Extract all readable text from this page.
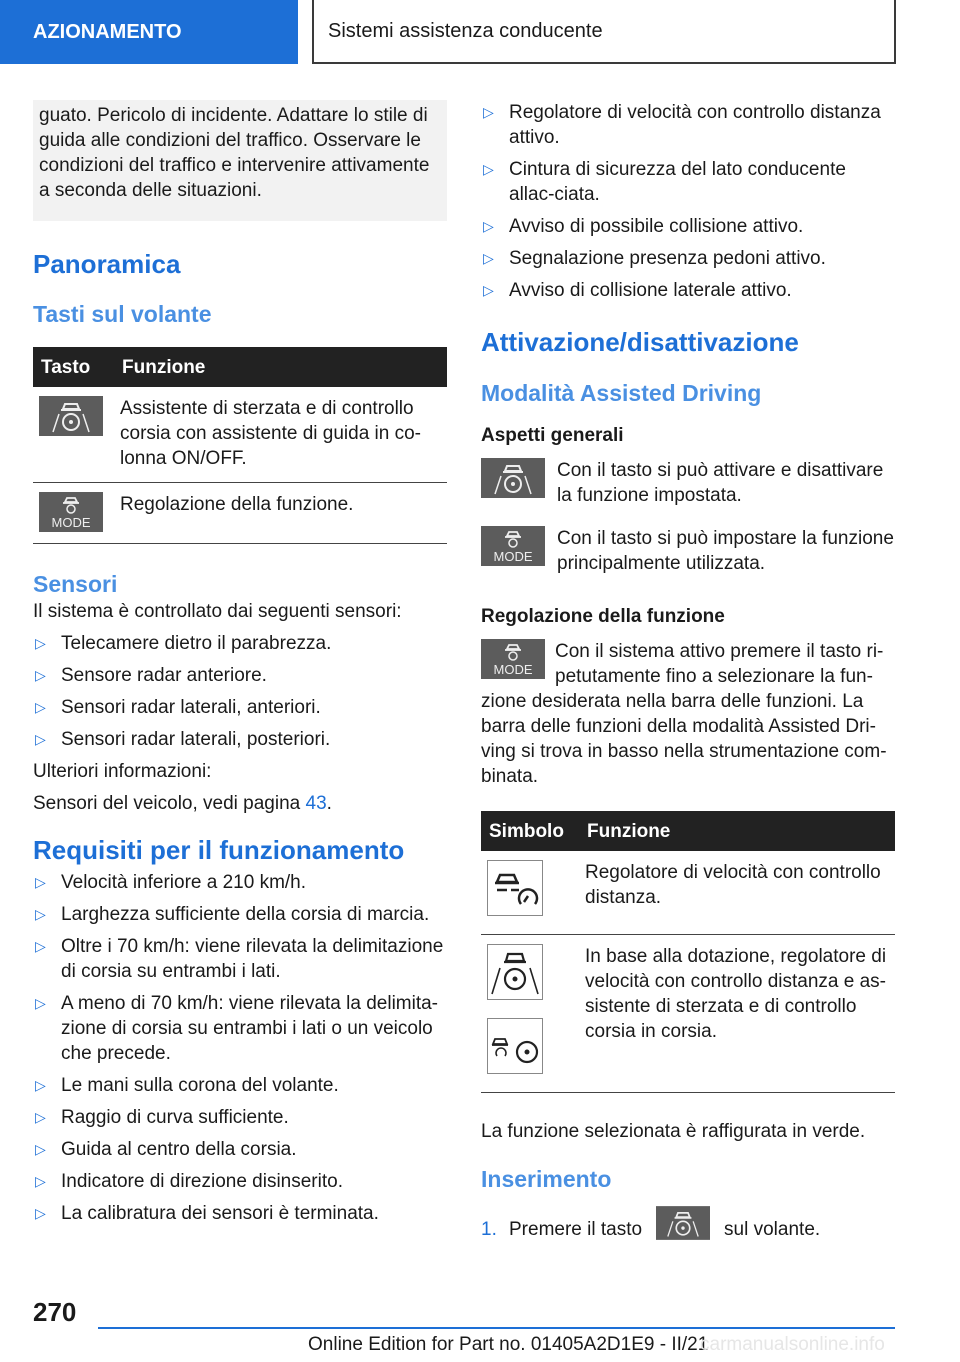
AZIONAMENTO	Sistemi assistenza conducente

guato. Pericolo di incidente. Adattare lo stile di guida alle condizioni del traffico. Osservare le condizioni del traffico e intervenire attivamente a seconda delle situazioni.

Panoramica
Tasti sul volante
Tasto	Funzione

	Assistente di sterzata e di controllo corsia con assistente di guida in co-lonna ON/OFF.

MODE	Regolazione della funzione.
Sensori

Il sistema è controllato dai seguenti sensori:

▷ Telecamere dietro il parabrezza.
▷ Sensore radar anteriore.
▷ Sensori radar laterali, anteriori.
▷ Sensori radar laterali, posteriori.

Ulteriori informazioni:

Sensori del veicolo, vedi pagina 43.

Requisiti per il funzionamento
▷ Velocità inferiore a 210 km/h.
▷ Larghezza sufficiente della corsia di marcia.
▷ Oltre i 70 km/h: viene rilevata la delimitazione di corsia su entrambi i lati.
▷ A meno di 70 km/h: viene rilevata la delimita-zione di corsia su entrambi i lati o un veicolo che precede.
▷ Le mani sulla corona del volante.
▷ Raggio di curva sufficiente.
▷ Guida al centro della corsia.
▷ Indicatore di direzione disinserito.
▷ La calibratura dei sensori è terminata.
▷ Regolatore di velocità con controllo distanza attivo.
▷ Cintura di sicurezza del lato conducente allac-ciata.
▷ Avviso di possibile collisione attivo.
▷ Segnalazione presenza pedoni attivo.
▷ Avviso di collisione laterale attivo.
Attivazione/disattivazione
Modalità Assisted Driving
Aspetti generali
Con il tasto si può attivare e disattivare la funzione impostata.
MODE
Con il tasto si può impostare la funzione principalmente utilizzata.
Regolazione della funzione
MODE

Con il sistema attivo premere il tasto ri-petutamente fino a selezionare la fun-zione desiderata nella barra delle funzioni. La barra delle funzioni della modalità Assisted Dri-ving si trova in basso nella strumentazione com-binata.

Simbolo	Funzione
	Regolatore di velocità con controllo distanza.

	In base alla dotazione, regolatore di velocità con controllo distanza e as-sistente di sterzata e di controllo corsia in corsia.

La funzione selezionata è raffigurata in verde.

Inserimento
1. Premere il tasto	sul volante.
270
Online Edition for Part no. 01405A2D1E9 - II/21
carmanualsonline.info
